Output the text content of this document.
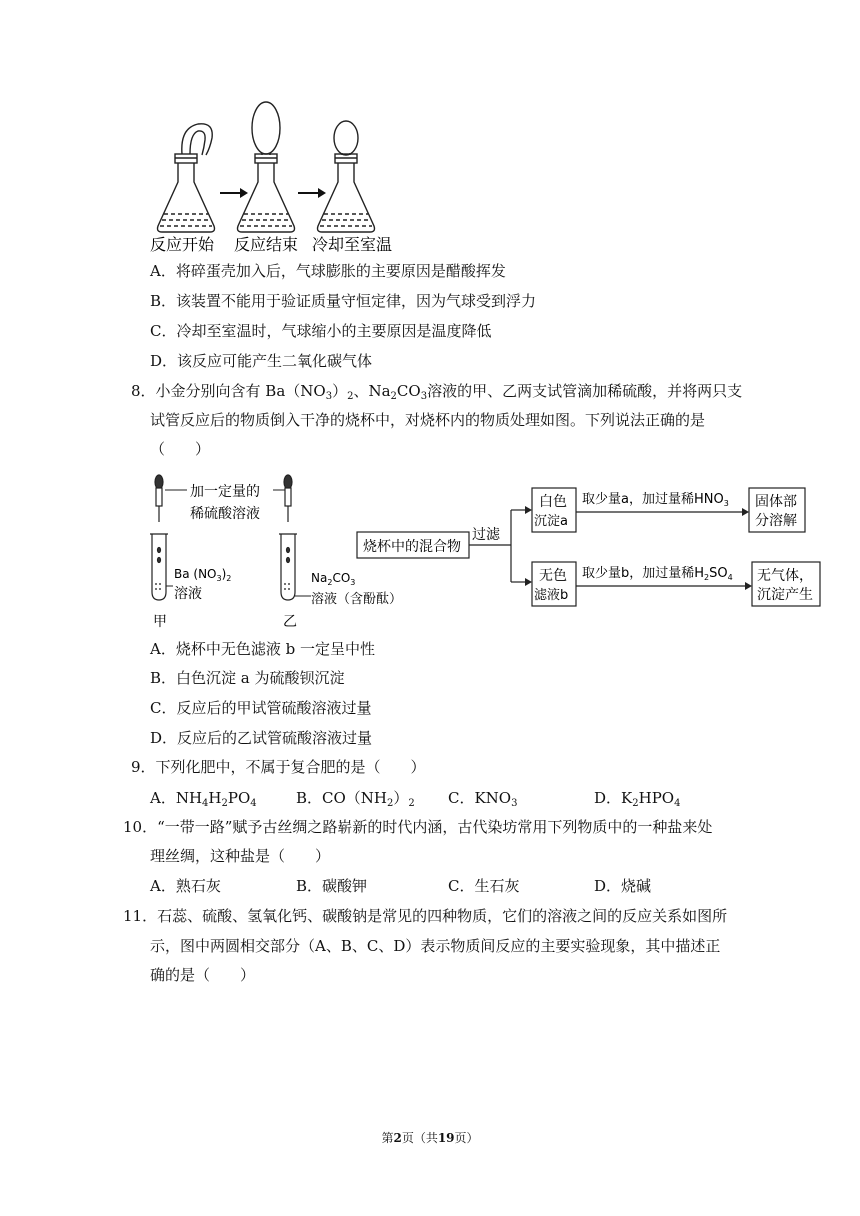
反应开始 反应结束 冷却至室温
A．将碎蛋壳加入后，气球膨胀的主要原因是醋酸挥发
B．该装置不能用于验证质量守恒定律，因为气球受到浮力
C．冷却至室温时，气球缩小的主要原因是温度降低
D．该反应可能产生二氧化碳气体
8．小金分别向含有 $Ba(NO_3)_2$、$Na_2CO_3$溶液的甲、乙两支试管滴加稀硫酸，并将两只支
试管反应后的物质倒入干净的烧杯中，对烧杯内的物质处理如图。下列说法正确的是
（　　）
加一定量的
稀硫酸溶液
Ba $(NO_3)_2$
溶液
甲
$Na_2CO_3$
溶液（含酚酞）
乙
烧杯中的混合物
过滤
白色
沉淀a
取少量a，加过量稀$HNO_3$ 固体部
分溶解
无色
滤液b
取少量b，加过量稀$H_2SO_4$ 无气体，
沉淀产生
A．烧杯中无色滤液 b 一定呈中性
B．白色沉淀 a 为硫酸钡沉淀
C．反应后的甲试管硫酸溶液过量
D．反应后的乙试管硫酸溶液过量
9．下列化肥中，不属于复合肥的是（　　）
A．$NH_4H_2PO_4$	B．$CO(NH_2)_2$ C．$KNO_3$	D．$K_2HPO_4$
10．“一带一路”赋予古丝绸之路崭新的时代内涵，古代染坊常用下列物质中的一种盐来处
理丝绸，这种盐是（　　）
A．熟石灰	B．碳酸钾	C．生石灰	D．烧碱
11．石蕊、硫酸、氢氧化钙、碳酸钠是常见的四种物质，它们的溶液之间的反应关系如图所
示，图中两圆相交部分（A、B、C、D）表示物质间反应的主要实验现象，其中描述正
确的是（　　）
第2页（共19页）
